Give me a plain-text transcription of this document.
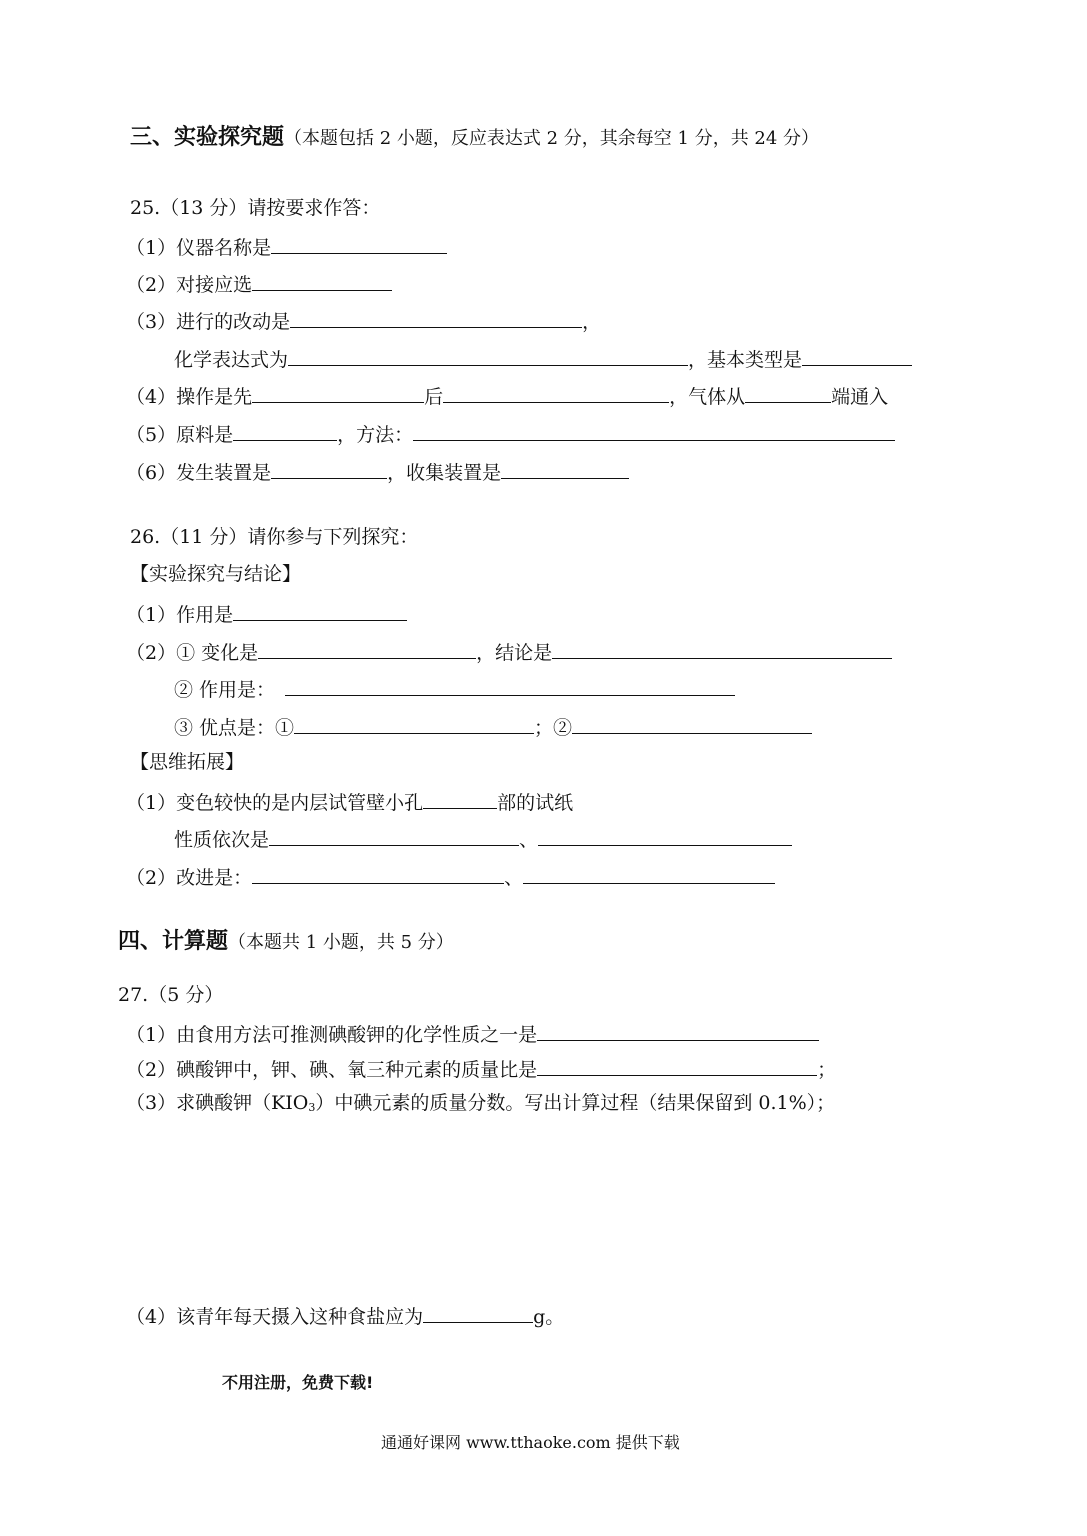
三、实验探究题（本题包括 2 小题，反应表达式 2 分，其余每空 1 分，共 24 分）
25.（13 分）请按要求作答：
（1）仪器名称是
（2）对接应选
（3）进行的改动是	，
化学表达式为	，基本类型是
（4）操作是先	后	，气体从	端通入
（5）原料是	，方法：
（6）发生装置是	，收集装置是
26.（11 分）请你参与下列探究：
【实验探究与结论】
（1）作用是
（2）① 变化是	，结论是
② 作用是：
③ 优点是：①	；②
【思维拓展】
（1）变色较快的是内层试管壁小孔	部的试纸
性质依次是	、
（2）改进是：	、
四、计算题（本题共 1 小题，共 5 分）
27.（5 分）
（1）由食用方法可推测碘酸钾的化学性质之一是
（2）碘酸钾中，钾、碘、氧三种元素的质量比是	；
（3）求碘酸钾$(KIO_3)$中碘元素的质量分数。写出计算过程（结果保留到 0.1%）；
（4）该青年每天摄入这种食盐应为	g。
不用注册，免费下载!
通通好课网 www.tthaoke.com 提供下载
